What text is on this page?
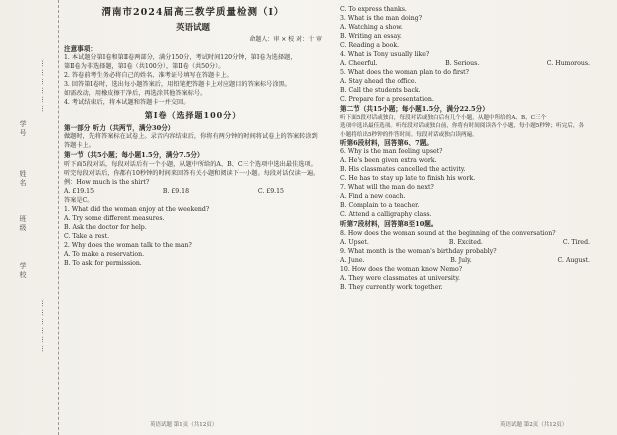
学号
姓名
班级
学校
………………
………………
渭南市2024届高三教学质量检测（Ⅰ）
英语试题
命题人：审 × 校 对：十 审

注意事项：

1. 本试题分第Ⅰ卷和第Ⅱ卷两部分，满分150分，考试时间120分钟，第Ⅰ卷为选择题，

第Ⅱ卷为非选择题，第Ⅰ卷（共100分），第Ⅱ卷（共50分）。

2. 答卷前考生务必将自己的姓名、准考证号填写在答题卡上。

3. 回答第Ⅰ卷时，选出每小题答案后，用铅笔把答题卡上对应题目的答案标号涂黑。

如需改动，用橡皮擦干净后，再选涂其他答案标号。

4. 考试结束后，将本试题和答题卡一并交回。

第Ⅰ卷（选择题100分）

第一部分 听力（共两节，满分30分）

做题时，先将答案标在试卷上。录音内容结束后，你将有两分钟的时间将试卷上的答案转涂到答题卡上。

第一节（共5小题；每小题1.5分，满分7.5分）

听下面5段对话，每段对话后有一个小题，从题中所给的A、B、C三个选项中选出最佳选项。听完每段对话后，你都有10秒钟的时间来回答有关小题和阅读下一小题。每段对话仅读一遍。

例：How much is the shirt?

A. £19.15	B. £9.18	C. £9.15

答案是C。

1. What did the woman enjoy at the weekend?

A. Try some different measures.

B. Ask the doctor for help.

C. Take a rest.

2. Why does the woman talk to the man?

A. To make a reservation.

B. To ask for permission.

英语试题 第1页（共12页）

C. To express thanks.

3. What is the man doing?

A. Watching a show.

B. Writing an essay.

C. Reading a book.

4. What is Tony usually like?

A. Cheerful.	B. Serious.	C. Humorous.

5. What does the woman plan to do first?

A. Stay ahead the office.

B. Call the students back.

C. Prepare for a presentation.

第二节（共15小题；每小题1.5分，满分22.5分）

听下面5段对话或独白，每段对话或独白后有几个小题，从题中所给的A、B、C三个

选项中选出最佳选项。听每段对话或独白前，你将有时间阅读各个小题，每小题5秒钟；听完后，各

小题将给出5秒钟的作答时间。每段对话或独白读两遍。

听第6段材料，回答第6、7题。

6. Why is the man feeling upset?

A. He's been given extra work.

B. His classmates cancelled the activity.

C. He has to stay up late to finish his work.

7. What will the man do next?

A. Find a new coach.

B. Complain to a teacher.

C. Attend a calligraphy class.

听第7段材料，回答第8至10题。

8. How does the woman sound at the beginning of the conversation?

A. Upset.	B. Excited.	C. Tired.

9. What month is the woman's birthday probably?

A. June.	B. July.	C. August.

10. How does the woman know Nemo?

A. They were classmates at university.

B. They currently work together.

英语试题 第2页（共12页）
